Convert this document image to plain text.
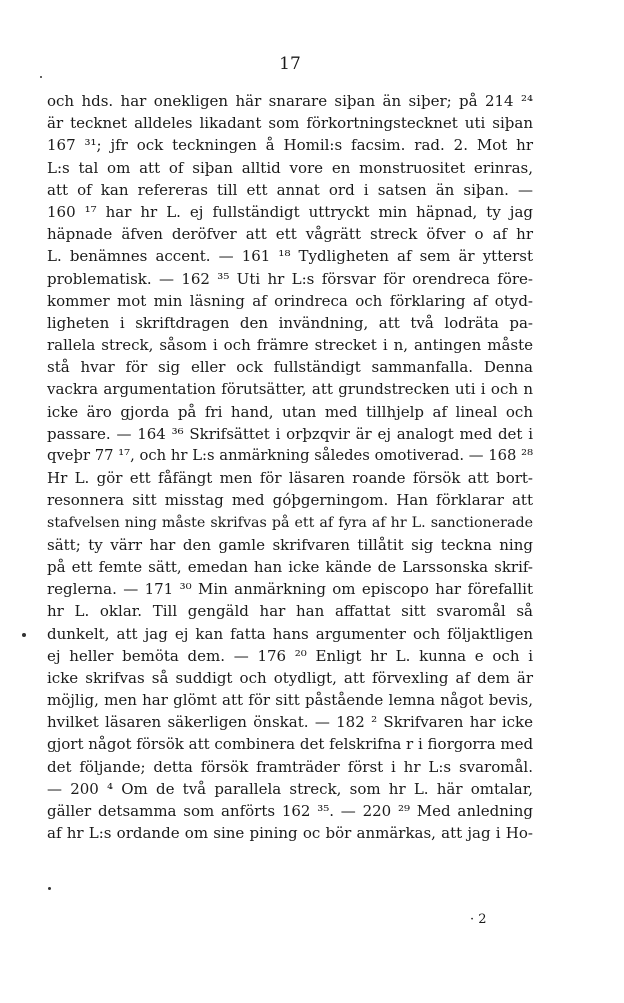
17
och hds. har onekligen här snarare siþan än siþer; på 214 ²⁴
är tecknet alldeles likadant som förkortningstecknet uti siþan
167 ³¹; jfr ock teckningen å Homil:s facsim. rad. 2. Mot hr
L:s tal om att of siþan alltid vore en monstruositet erinras,
att of kan refereras till ett annat ord i satsen än siþan. —
160 ¹⁷ har hr L. ej fullständigt uttryckt min häpnad, ty jag
häpnade äfven deröfver att ett vågrätt streck öfver o af hr
L. benämnes accent. — 161 ¹⁸ Tydligheten af sem är ytterst
problematisk. — 162 ³⁵ Uti hr L:s försvar för orendreca före-
kommer mot min läsning af orindreca och förklaring af otyd-
ligheten i skriftdragen den invändning, att två lodräta pa-
rallela streck, såsom i och främre strecket i n, antingen måste
stå hvar för sig eller ock fullständigt sammanfalla. Denna
vackra argumentation förutsätter, att grundstrecken uti i och n
icke äro gjorda på fri hand, utan med tillhjelp af lineal och
passare. — 164 ³⁶ Skrifsättet i orþzqvir är ej analogt med det i
qveþr 77 ¹⁷, och hr L:s anmärkning således omotiverad. — 168 ²⁸
Hr L. gör ett fåfängt men för läsaren roande försök att bort-
resonnera sitt misstag med góþgerningom. Han förklarar att
stafvelsen ning måste skrifvas på ett af fyra af hr L. sanctionerade
sätt; ty värr har den gamle skrifvaren tillåtit sig teckna ning
på ett femte sätt, emedan han icke kände de Larssonska skrif-
reglerna. — 171 ³⁰ Min anmärkning om episcopo har förefallit
hr L. oklar. Till gengäld har han affattat sitt svaromål så
dunkelt, att jag ej kan fatta hans argumenter och följaktligen
ej heller bemöta dem. — 176 ²⁰ Enligt hr L. kunna e och i
icke skrifvas så suddigt och otydligt, att förvexling af dem är
möjlig, men har glömt att för sitt påstående lemna något bevis,
hvilket läsaren säkerligen önskat. — 182 ² Skrifvaren har icke
gjort något försök att combinera det felskrifna r i fiorgorra med
det följande; detta försök framträder först i hr L:s svaromål.
— 200 ⁴ Om de två parallela streck, som hr L. här omtalar,
gäller detsamma som anförts 162 ³⁵. — 220 ²⁹ Med anledning
af hr L:s ordande om sine pining oc bör anmärkas, att jag i Ho-
· 2
